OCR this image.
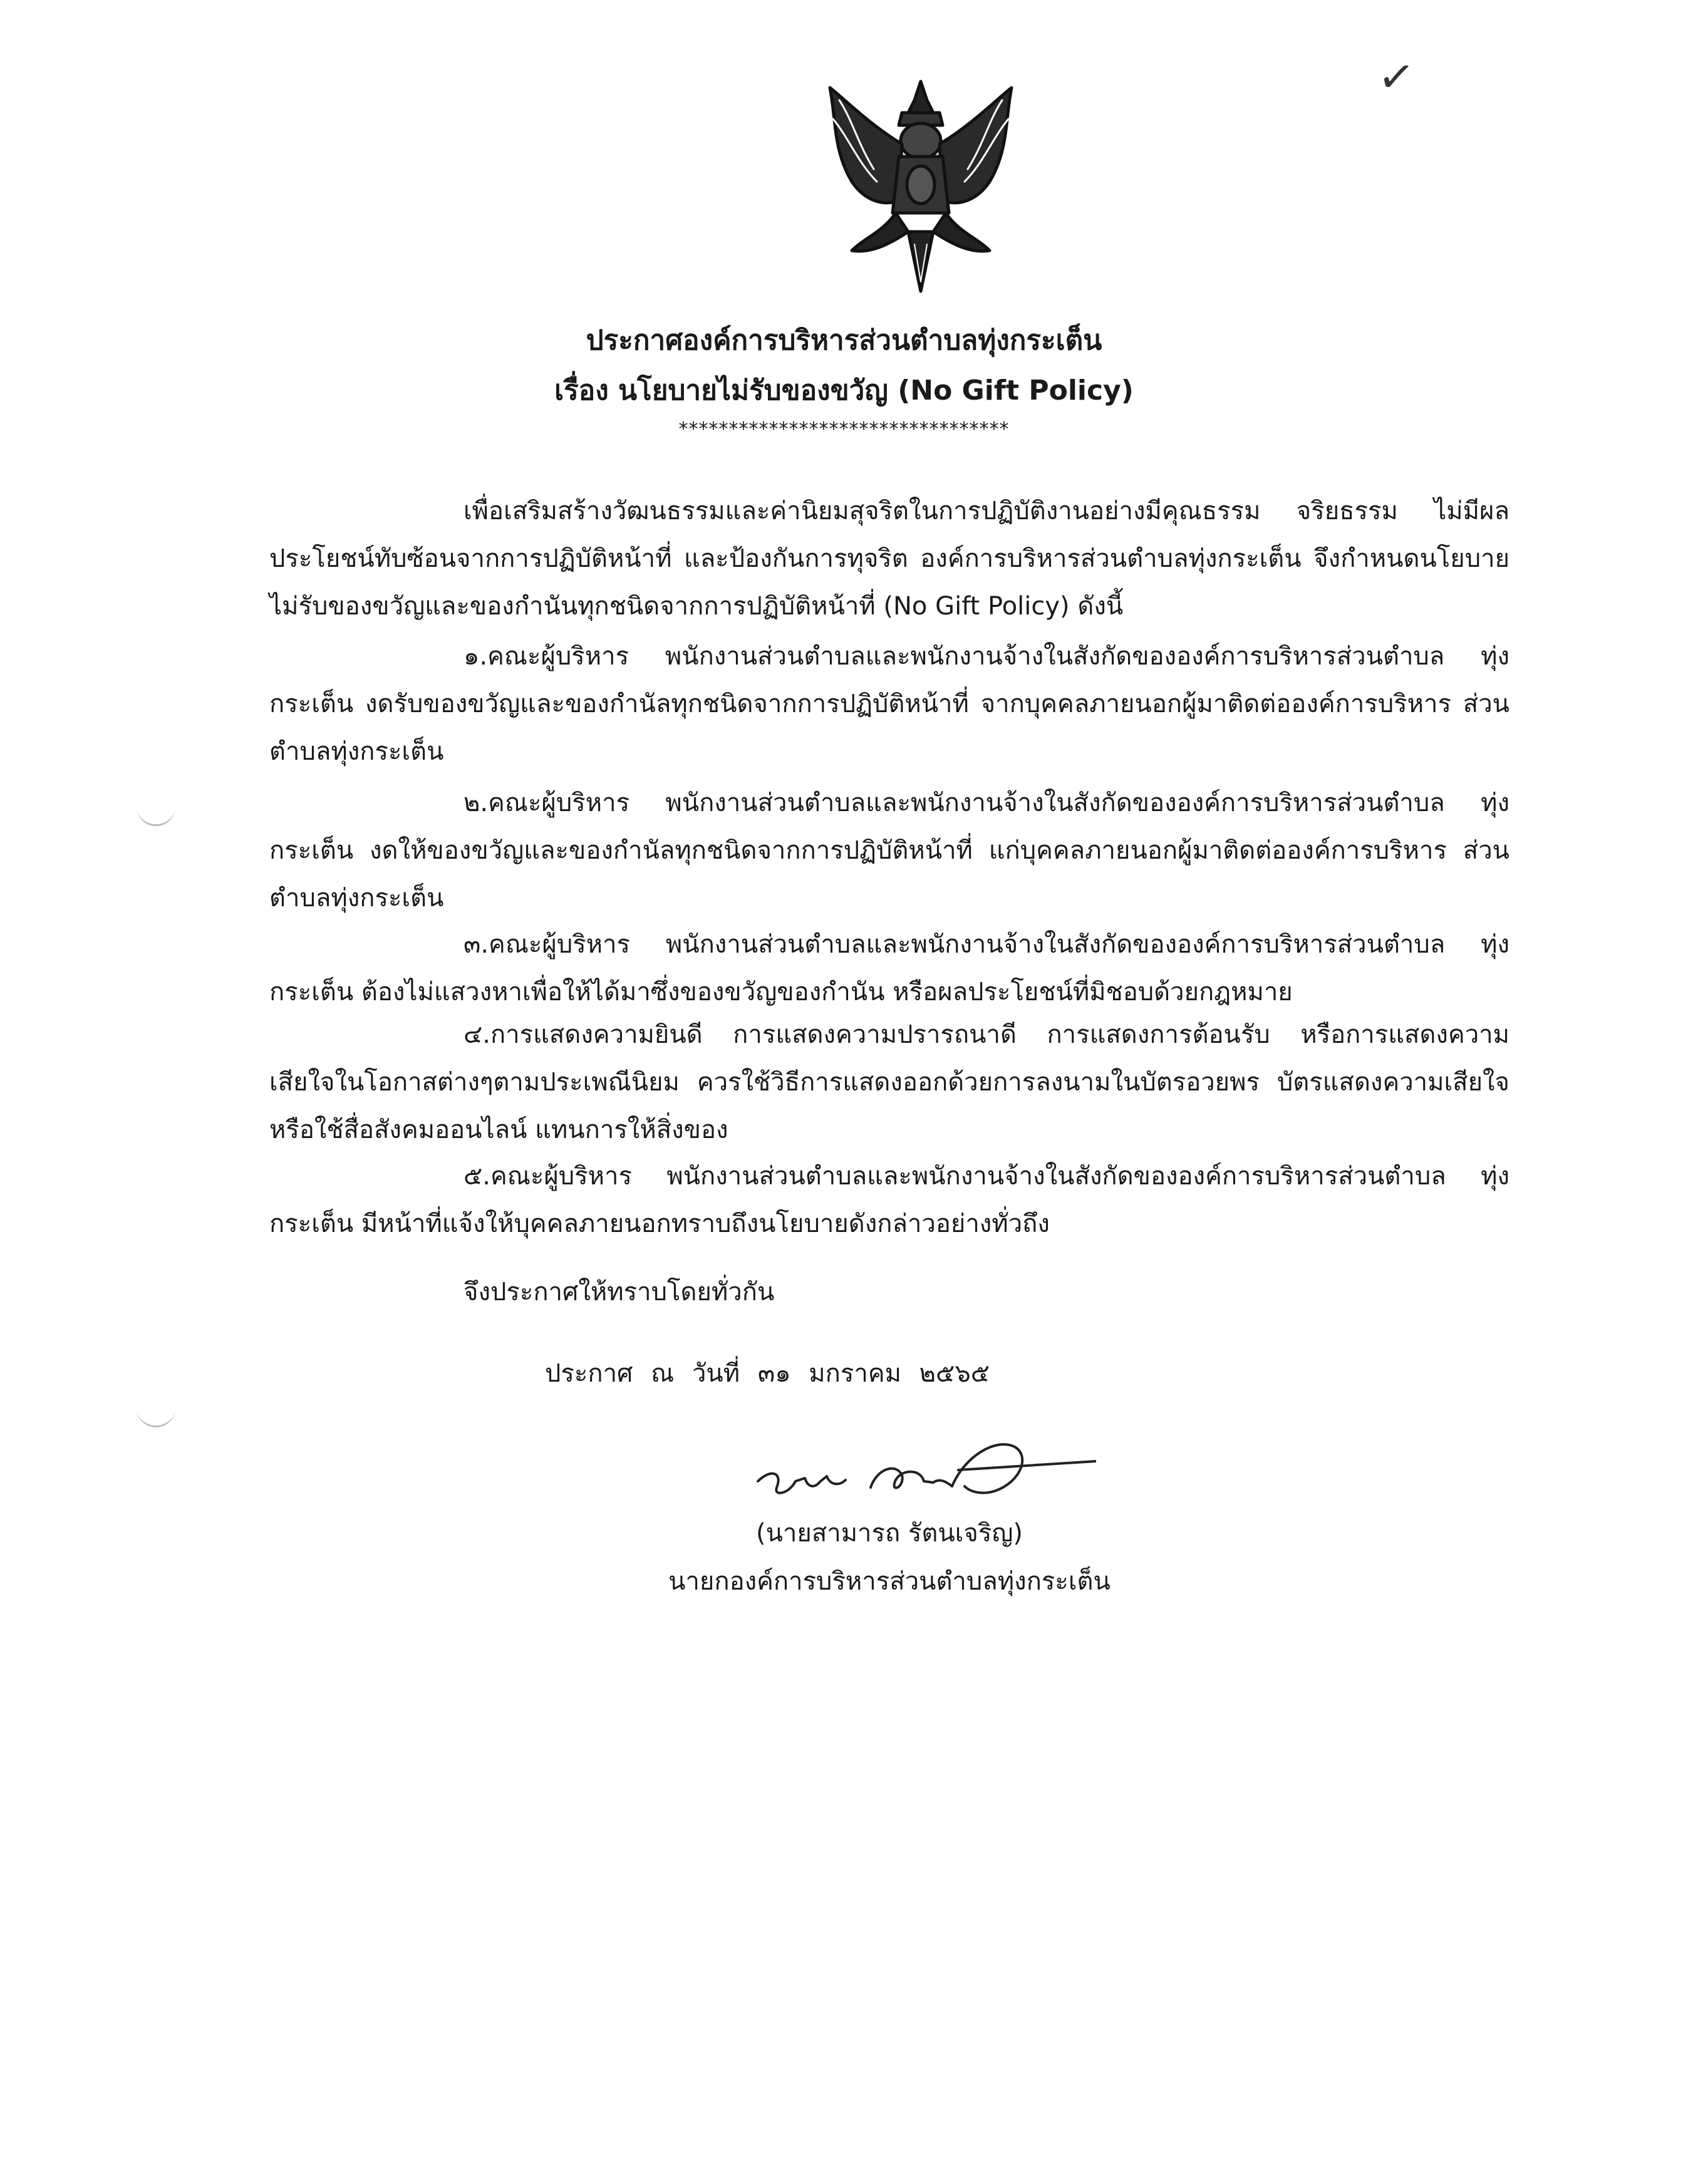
✓
ประกาศองค์การบริหารส่วนตำบลทุ่งกระเต็น
เรื่อง นโยบายไม่รับของขวัญ (No Gift Policy)
*********************************

เพื่อเสริมสร้างวัฒนธรรมและค่านิยมสุจริตในการปฏิบัติงานอย่างมีคุณธรรม จริยธรรม ไม่มีผลประโยชน์ทับซ้อนจากการปฏิบัติหน้าที่ และป้องกันการทุจริต องค์การบริหารส่วนตำบลทุ่งกระเต็น จึงกำหนดนโยบายไม่รับของขวัญและของกำนันทุกชนิดจากการปฏิบัติหน้าที่ (No Gift Policy) ดังนี้

๑.คณะผู้บริหาร พนักงานส่วนตำบลและพนักงานจ้างในสังกัดขององค์การบริหารส่วนตำบล ทุ่งกระเต็น งดรับของขวัญและของกำนัลทุกชนิดจากการปฏิบัติหน้าที่ จากบุคคลภายนอกผู้มาติดต่อองค์การบริหาร ส่วนตำบลทุ่งกระเต็น

๒.คณะผู้บริหาร พนักงานส่วนตำบลและพนักงานจ้างในสังกัดขององค์การบริหารส่วนตำบล ทุ่งกระเต็น งดให้ของขวัญและของกำนัลทุกชนิดจากการปฏิบัติหน้าที่ แก่บุคคลภายนอกผู้มาติดต่อองค์การบริหาร ส่วนตำบลทุ่งกระเต็น

๓.คณะผู้บริหาร พนักงานส่วนตำบลและพนักงานจ้างในสังกัดขององค์การบริหารส่วนตำบล ทุ่งกระเต็น ต้องไม่แสวงหาเพื่อให้ได้มาซึ่งของขวัญของกำนัน หรือผลประโยชน์ที่มิชอบด้วยกฎหมาย

๔.การแสดงความยินดี การแสดงความปรารถนาดี การแสดงการต้อนรับ หรือการแสดงความ เสียใจในโอกาสต่างๆตามประเพณีนิยม ควรใช้วิธีการแสดงออกด้วยการลงนามในบัตรอวยพร บัตรแสดงความเสียใจ หรือใช้สื่อสังคมออนไลน์ แทนการให้สิ่งของ

๕.คณะผู้บริหาร พนักงานส่วนตำบลและพนักงานจ้างในสังกัดขององค์การบริหารส่วนตำบล ทุ่งกระเต็น มีหน้าที่แจ้งให้บุคคลภายนอกทราบถึงนโยบายดังกล่าวอย่างทั่วถึง

จึงประกาศให้ทราบโดยทั่วกัน
ประกาศ ณ วันที่ ๓๑ มกราคม ๒๕๖๕
(นายสามารถ รัตนเจริญ)
นายกองค์การบริหารส่วนตำบลทุ่งกระเต็น
